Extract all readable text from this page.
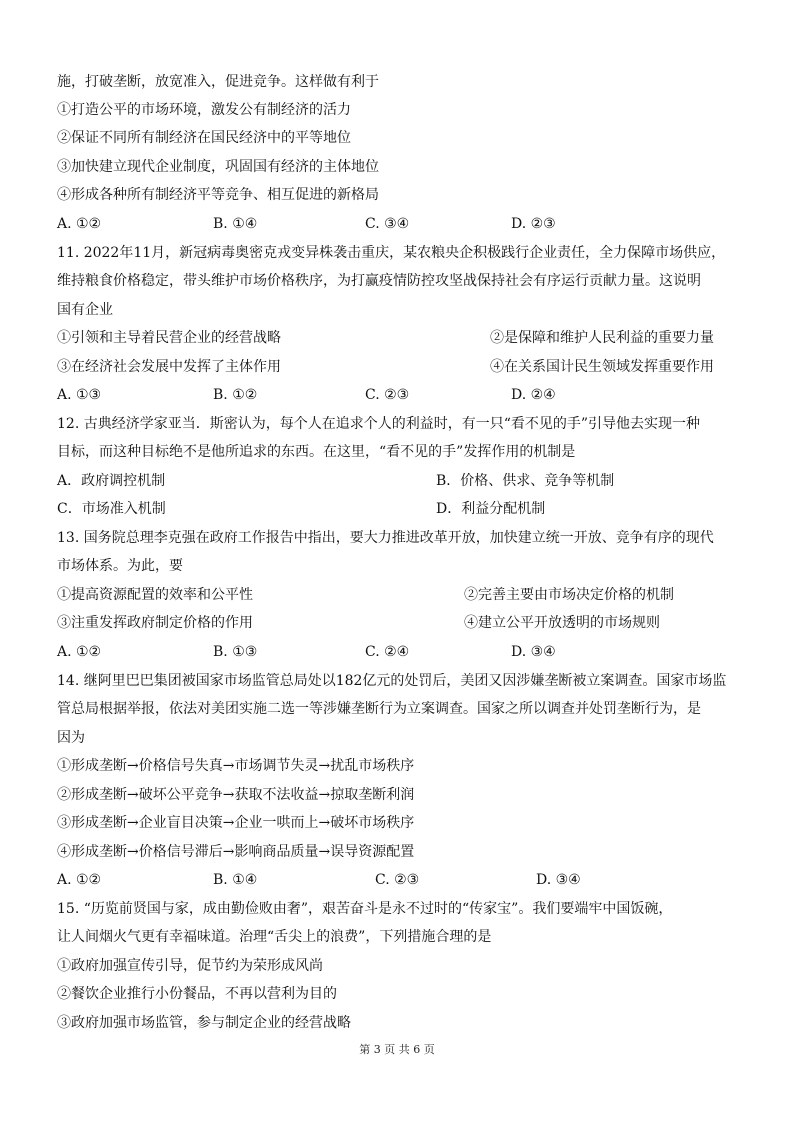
施，打破垄断，放宽准入，促进竞争。这样做有利于
①打造公平的市场环境，激发公有制经济的活力
②保证不同所有制经济在国民经济中的平等地位
③加快建立现代企业制度，巩固国有经济的主体地位
④形成各种所有制经济平等竞争、相互促进的新格局
A. ①②	B. ①④	C. ③④	D. ②③
11. 2022年11月，新冠病毒奥密克戎变异株袭击重庆，某农粮央企积极践行企业责任，全力保障市场供应，
维持粮食价格稳定，带头维护市场价格秩序，为打赢疫情防控攻坚战保持社会有序运行贡献力量。这说明
国有企业
①引领和主导着民营企业的经营战略	②是保障和维护人民利益的重要力量
③在经济社会发展中发挥了主体作用	④在关系国计民生领域发挥重要作用
A. ①③	B. ①②	C. ②③	D. ②④
12. 古典经济学家亚当．斯密认为，每个人在追求个人的利益时，有一只“看不见的手”引导他去实现一种
目标，而这种目标绝不是他所追求的东西。在这里，“看不见的手”发挥作用的机制是
A．政府调控机制	B．价格、供求、竞争等机制
C．市场准入机制	D．利益分配机制
13. 国务院总理李克强在政府工作报告中指出，要大力推进改革开放，加快建立统一开放、竞争有序的现代
市场体系。为此，要
①提高资源配置的效率和公平性	②完善主要由市场决定价格的机制
③注重发挥政府制定价格的作用	④建立公平开放透明的市场规则
A. ①②	B. ①③	C. ②④	D. ③④
14. 继阿里巴巴集团被国家市场监管总局处以182亿元的处罚后，美团又因涉嫌垄断被立案调查。国家市场监
管总局根据举报，依法对美团实施二选一等涉嫌垄断行为立案调查。国家之所以调查并处罚垄断行为，是
因为
①形成垄断→价格信号失真→市场调节失灵→扰乱市场秩序
②形成垄断→破坏公平竞争→获取不法收益→掠取垄断利润
③形成垄断→企业盲目决策→企业一哄而上→破坏市场秩序
④形成垄断→价格信号滞后→影响商品质量→误导资源配置
A. ①②	B. ①④	C. ②③	D. ③④
15. “历览前贤国与家，成由勤俭败由奢”，艰苦奋斗是永不过时的“传家宝”。我们要端牢中国饭碗，
让人间烟火气更有幸福味道。治理“舌尖上的浪费”，下列措施合理的是
①政府加强宣传引导，促节约为荣形成风尚
②餐饮企业推行小份餐品，不再以营利为目的
③政府加强市场监管，参与制定企业的经营战略
第 3 页 共 6 页
